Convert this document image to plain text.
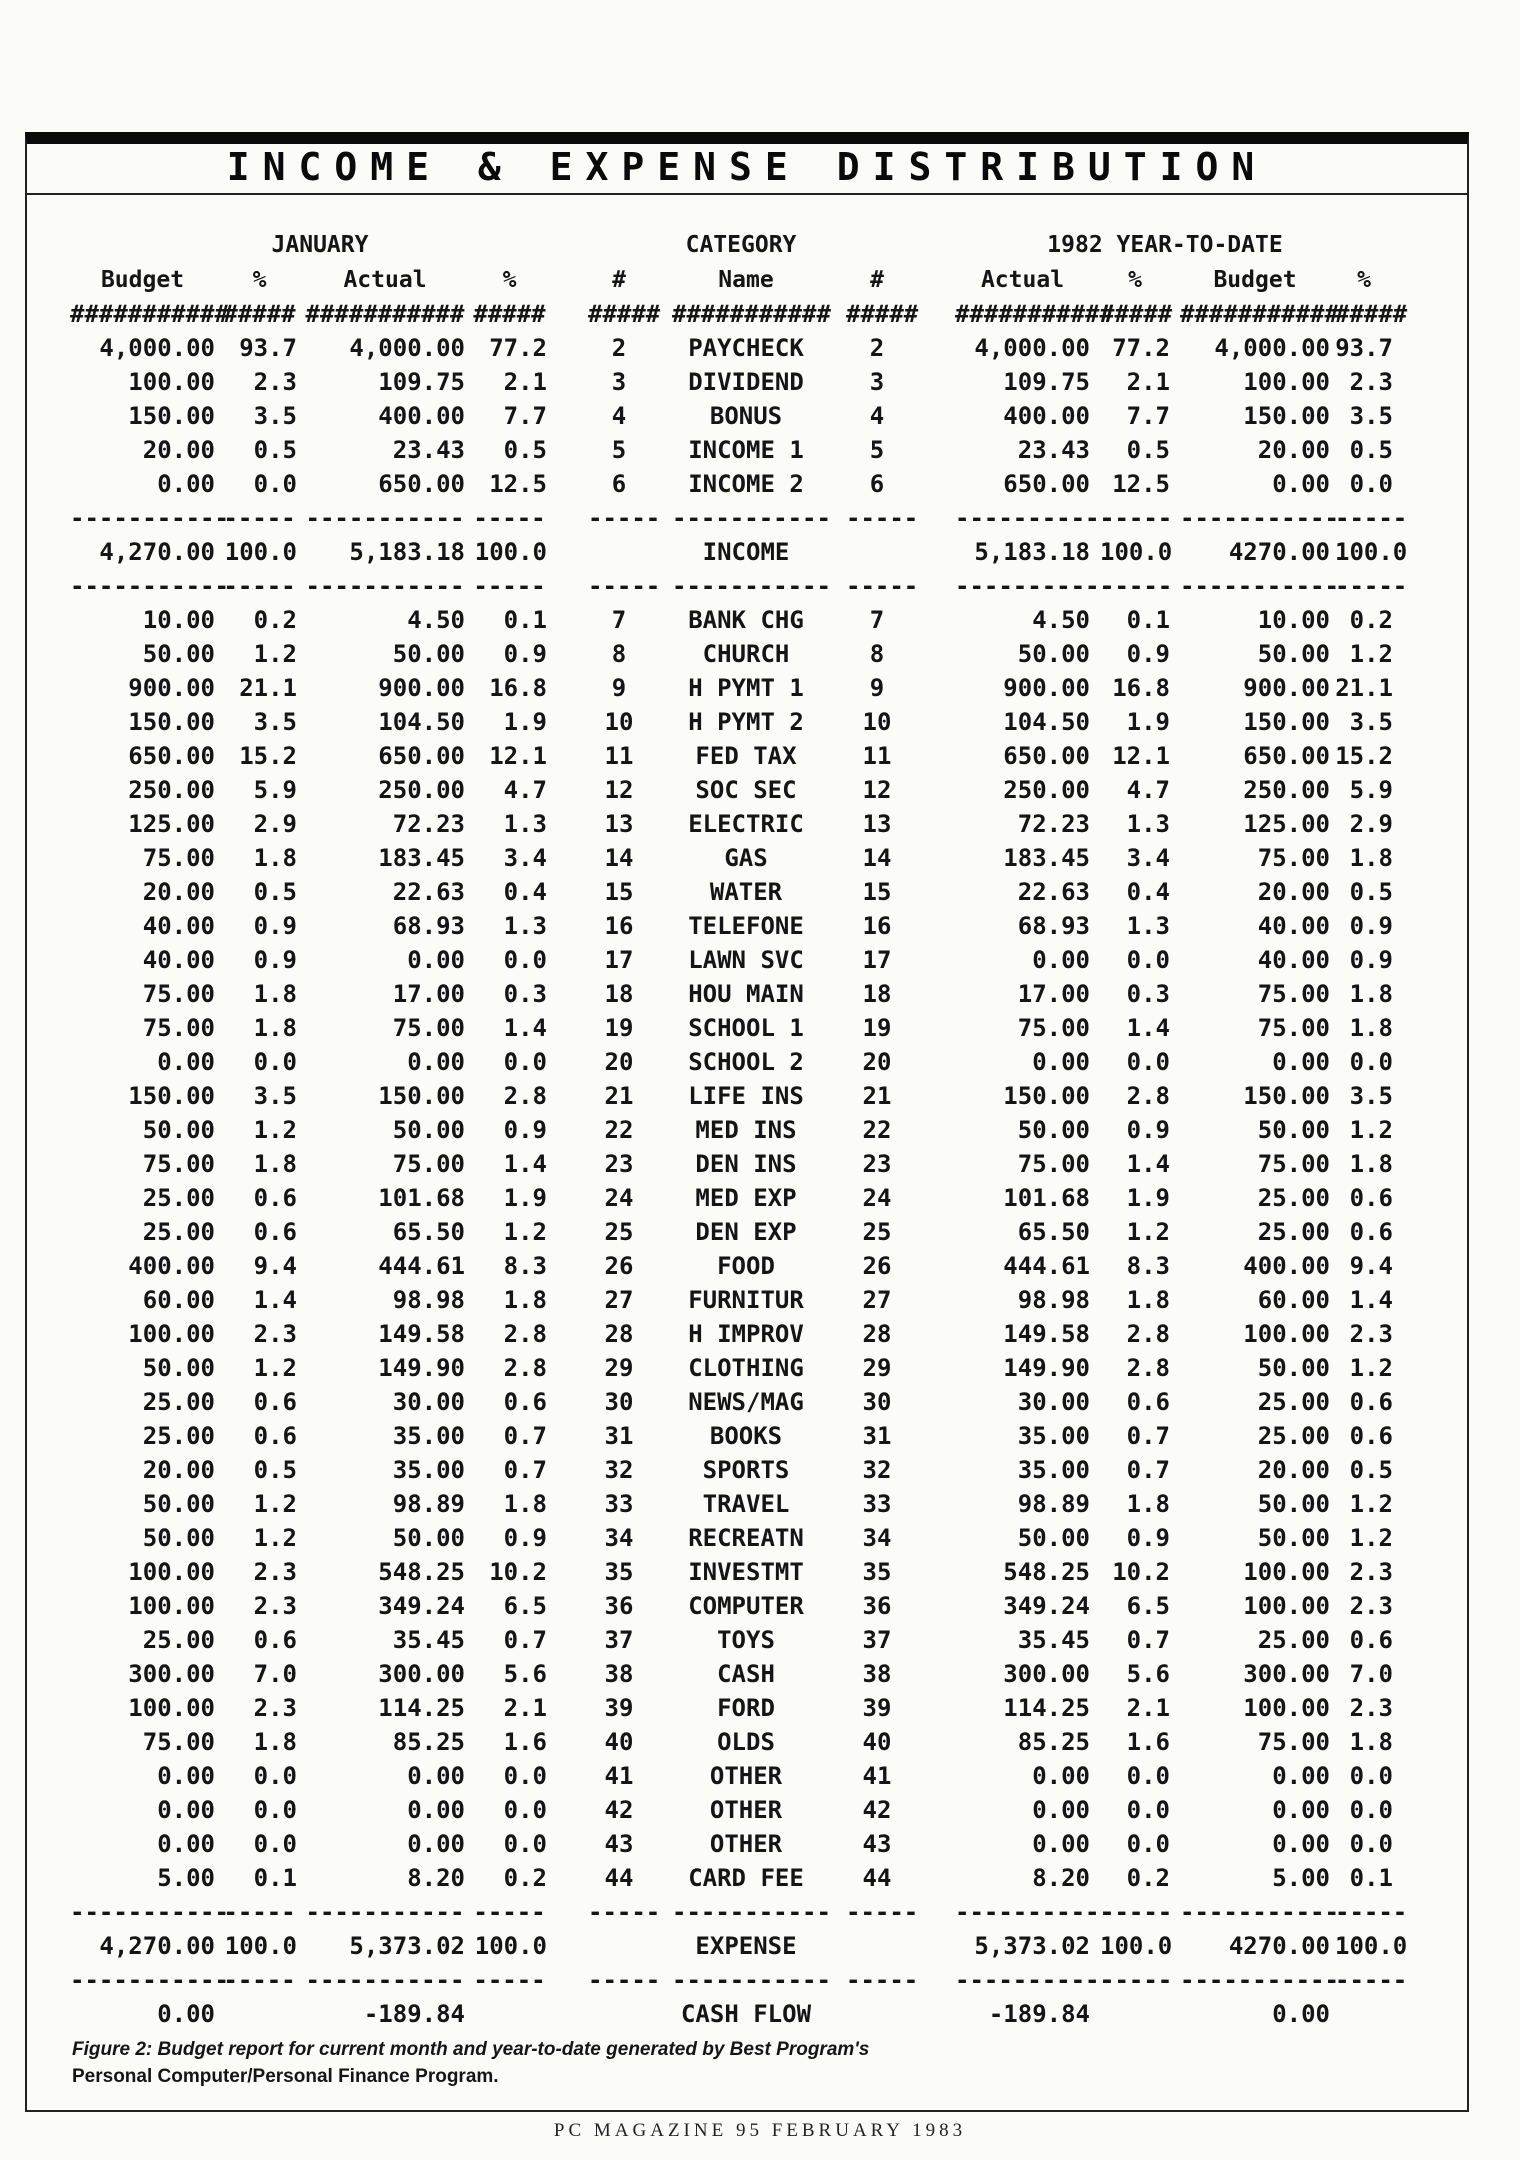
INCOME & EXPENSE DISTRIBUTION
JANUARY	CATEGORY	1982 YEAR-TO-DATE
Budget	%	Actual	%	#	Name	#	Actual	%	Budget	%
###########
##### ########### ##### ##### ########### ##### ###########
##### ###########
#####
4,000.00	93.7	4,000.00	77.2	2	PAYCHECK	2	4,000.00 77.2	4,000.00 93.7
100.00	2.3	109.75	2.1	3	DIVIDEND	3	109.75	2.1	100.00 2.3
150.00	3.5	400.00	7.7	4	BONUS	4	400.00	7.7	150.00 3.5
20.00	0.5	23.43	0.5	5	INCOME 1	5	23.43	0.5	20.00 0.5
0.00	0.0	650.00	12.5	6	INCOME 2	6	650.00 12.5	0.00 0.0
-----------
----- ----------- ----- ----- ----------- ----- -----------
----- -----------
-----
4,270.00 100.0	5,183.18 100.0	INCOME	5,183.18 100.0	4270.00 100.0
-----------
----- ----------- ----- ----- ----------- ----- -----------
----- -----------
-----
10.00	0.2	4.50	0.1	7	BANK CHG	7	4.50	0.1	10.00 0.2
50.00	1.2	50.00	0.9	8	CHURCH	8	50.00	0.9	50.00 1.2
900.00	21.1	900.00	16.8	9	H PYMT 1	9	900.00 16.8	900.00 21.1
150.00	3.5	104.50	1.9	10	H PYMT 2	10	104.50	1.9	150.00 3.5
650.00	15.2	650.00	12.1	11	FED TAX	11	650.00 12.1	650.00 15.2
250.00	5.9	250.00	4.7	12	SOC SEC	12	250.00	4.7	250.00 5.9
125.00	2.9	72.23	1.3	13	ELECTRIC	13	72.23	1.3	125.00 2.9
75.00	1.8	183.45	3.4	14	GAS	14	183.45	3.4	75.00 1.8
20.00	0.5	22.63	0.4	15	WATER	15	22.63	0.4	20.00 0.5
40.00	0.9	68.93	1.3	16	TELEFONE	16	68.93	1.3	40.00 0.9
40.00	0.9	0.00	0.0	17	LAWN SVC	17	0.00	0.0	40.00 0.9
75.00	1.8	17.00	0.3	18	HOU MAIN	18	17.00	0.3	75.00 1.8
75.00	1.8	75.00	1.4	19	SCHOOL 1	19	75.00	1.4	75.00 1.8
0.00	0.0	0.00	0.0	20	SCHOOL 2	20	0.00	0.0	0.00 0.0
150.00	3.5	150.00	2.8	21	LIFE INS	21	150.00	2.8	150.00 3.5
50.00	1.2	50.00	0.9	22	MED INS	22	50.00	0.9	50.00 1.2
75.00	1.8	75.00	1.4	23	DEN INS	23	75.00	1.4	75.00 1.8
25.00	0.6	101.68	1.9	24	MED EXP	24	101.68	1.9	25.00 0.6
25.00	0.6	65.50	1.2	25	DEN EXP	25	65.50	1.2	25.00 0.6
400.00	9.4	444.61	8.3	26	FOOD	26	444.61	8.3	400.00 9.4
60.00	1.4	98.98	1.8	27	FURNITUR	27	98.98	1.8	60.00 1.4
100.00	2.3	149.58	2.8	28	H IMPROV	28	149.58	2.8	100.00 2.3
50.00	1.2	149.90	2.8	29	CLOTHING	29	149.90	2.8	50.00 1.2
25.00	0.6	30.00	0.6	30	NEWS/MAG	30	30.00	0.6	25.00 0.6
25.00	0.6	35.00	0.7	31	BOOKS	31	35.00	0.7	25.00 0.6
20.00	0.5	35.00	0.7	32	SPORTS	32	35.00	0.7	20.00 0.5
50.00	1.2	98.89	1.8	33	TRAVEL	33	98.89	1.8	50.00 1.2
50.00	1.2	50.00	0.9	34	RECREATN	34	50.00	0.9	50.00 1.2
100.00	2.3	548.25	10.2	35	INVESTMT	35	548.25 10.2	100.00 2.3
100.00	2.3	349.24	6.5	36	COMPUTER	36	349.24	6.5	100.00 2.3
25.00	0.6	35.45	0.7	37	TOYS	37	35.45	0.7	25.00 0.6
300.00	7.0	300.00	5.6	38	CASH	38	300.00	5.6	300.00 7.0
100.00	2.3	114.25	2.1	39	FORD	39	114.25	2.1	100.00 2.3
75.00	1.8	85.25	1.6	40	OLDS	40	85.25	1.6	75.00 1.8
0.00	0.0	0.00	0.0	41	OTHER	41	0.00	0.0	0.00 0.0
0.00	0.0	0.00	0.0	42	OTHER	42	0.00	0.0	0.00 0.0
0.00	0.0	0.00	0.0	43	OTHER	43	0.00	0.0	0.00 0.0
5.00	0.1	8.20	0.2	44	CARD FEE	44	8.20	0.2	5.00 0.1
-----------
----- ----------- ----- ----- ----------- ----- -----------
----- -----------
-----
4,270.00 100.0	5,373.02 100.0	EXPENSE	5,373.02 100.0	4270.00 100.0
-----------
----- ----------- ----- ----- ----------- ----- -----------
----- -----------
-----
0.00	-189.84	CASH FLOW	-189.84	0.00
Figure 2: Budget report for current month and year-to-date generated by Best Program's
Personal Computer/Personal Finance Program.
PC MAGAZINE 95 FEBRUARY 1983
